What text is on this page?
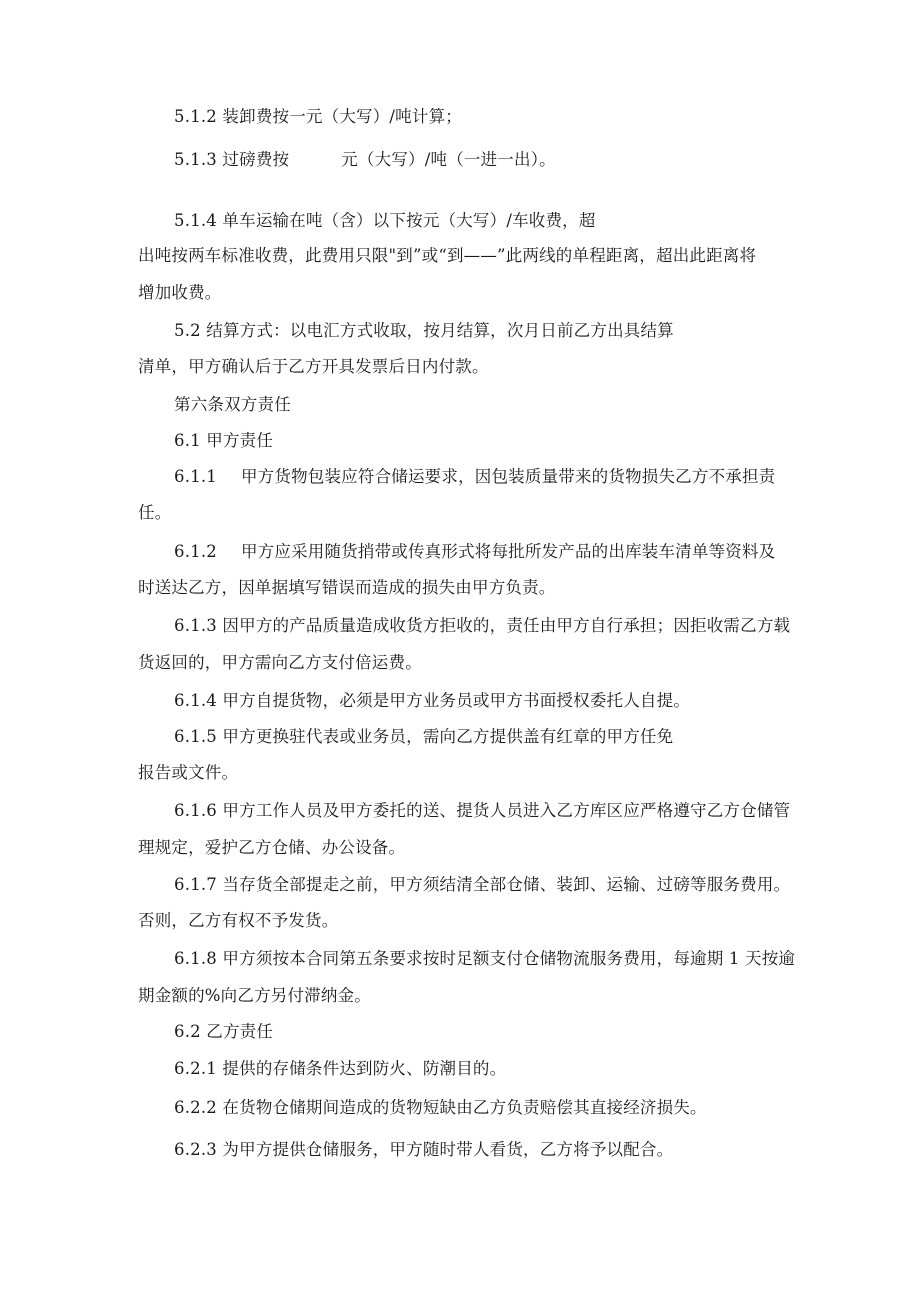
5.1.2 装卸费按一元（大写）/吨计算；
5.1.3 过磅费按	元（大写）/吨（一进一出）。
5.1.4 单车运输在吨（含）以下按元（大写）/车收费，超
出吨按两车标准收费，此费用只限"到”或“到——”此两线的单程距离，超出此距离将
增加收费。
5.2 结算方式：以电汇方式收取，按月结算，次月日前乙方出具结算
清单，甲方确认后于乙方开具发票后日内付款。
第六条双方责任
6.1 甲方责任
6.1.1 甲方货物包装应符合储运要求，因包装质量带来的货物损失乙方不承担责
任。
6.1.2 甲方应采用随货捎带或传真形式将每批所发产品的出库装车清单等资料及
时送达乙方，因单据填写错误而造成的损失由甲方负责。
6.1.3 因甲方的产品质量造成收货方拒收的，责任由甲方自行承担；因拒收需乙方载
货返回的，甲方需向乙方支付倍运费。
6.1.4 甲方自提货物，必须是甲方业务员或甲方书面授权委托人自提。
6.1.5 甲方更换驻代表或业务员，需向乙方提供盖有红章的甲方任免
报告或文件。
6.1.6 甲方工作人员及甲方委托的送、提货人员进入乙方库区应严格遵守乙方仓储管
理规定，爱护乙方仓储、办公设备。
6.1.7 当存货全部提走之前，甲方须结清全部仓储、装卸、运输、过磅等服务费用。
否则，乙方有权不予发货。
6.1.8 甲方须按本合同第五条要求按时足额支付仓储物流服务费用，每逾期 1 天按逾
期金额的%向乙方另付滞纳金。
6.2 乙方责任
6.2.1 提供的存储条件达到防火、防潮目的。
6.2.2 在货物仓储期间造成的货物短缺由乙方负责赔偿其直接经济损失。
6.2.3 为甲方提供仓储服务，甲方随时带人看货，乙方将予以配合。
